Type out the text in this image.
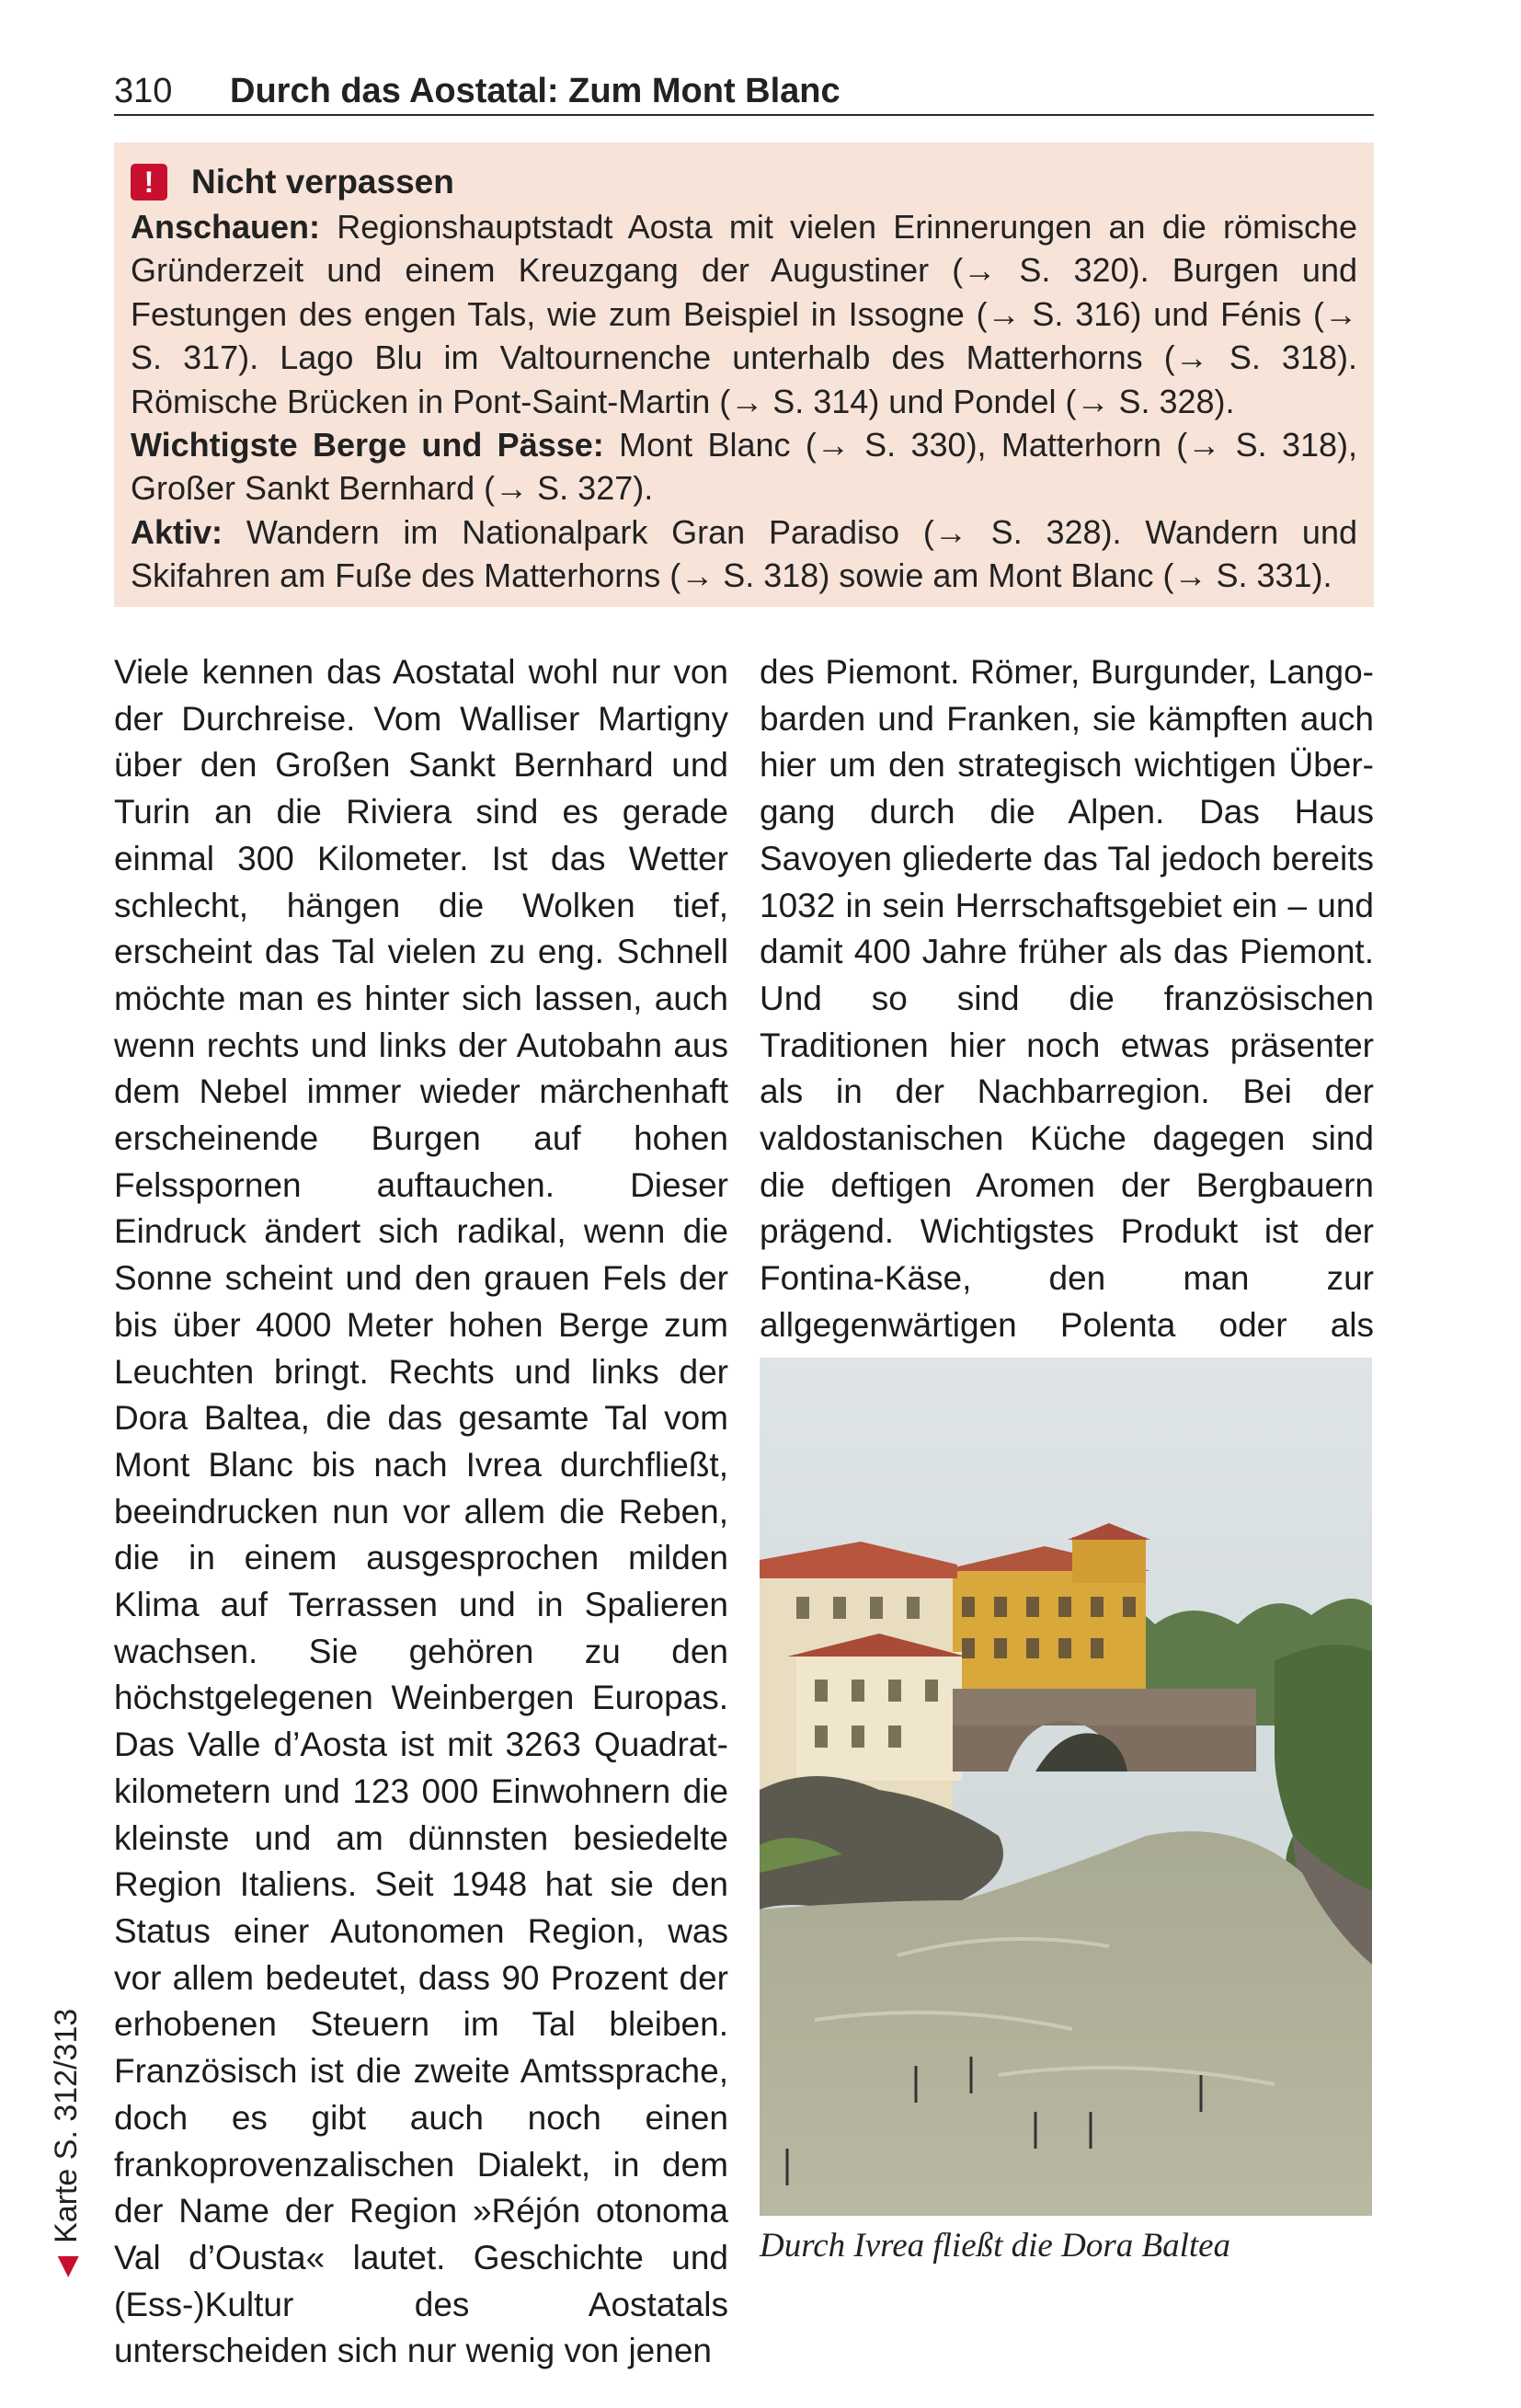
310 Durch das Aostatal: Zum Mont Blanc
!	Nicht verpassen

Anschauen: Regionshauptstadt Aosta mit vielen Erinnerungen an die römische Gründerzeit und einem Kreuzgang der Augustiner (→ S. 320). Burgen und Festungen des engen Tals, wie zum Beispiel in Issogne (→ S. 316) und Fénis (→ S. 317). Lago Blu im Valtournenche unterhalb des Matterhorns (→ S. 318). Römische Brücken in Pont-Saint-Martin (→ S. 314) und Pondel (→ S. 328).

Wichtigste Berge und Pässe: Mont Blanc (→ S. 330), Matterhorn (→ S. 318), Großer Sankt Bernhard (→ S. 327).

Aktiv: Wandern im Nationalpark Gran Paradiso (→ S. 328). Wandern und Skifahren am Fuße des Matterhorns (→ S. 318) sowie am Mont Blanc (→ S. 331).

Viele kennen das Aostatal wohl nur von der Durchreise. Vom Walliser Martigny über den Großen Sankt Bernhard und Turin an die Riviera sind es gerade einmal 300 Kilometer. Ist das Wetter schlecht, hängen die Wolken tief, erscheint das Tal vielen zu eng. Schnell möchte man es hinter sich lassen, auch wenn rechts und links der Autobahn aus dem Nebel immer wieder märchenhaft erscheinende Burgen auf hohen Felsspornen auftauchen. Dieser Eindruck ändert sich radikal, wenn die Sonne scheint und den grauen Fels der bis über 4000 Meter hohen Berge zum Leuchten bringt. Rechts und links der Dora Baltea, die das gesamte Tal vom Mont Blanc bis nach Ivrea durchfließt, beeindrucken nun vor allem die Reben, die in einem ausgesprochen milden Klima auf Terrassen und in Spalieren wachsen. Sie gehören zu den höchstgelegenen Weinbergen Europas. Das Valle d’Aosta ist mit 3263 Quadratkilometern und 123 000 Einwohnern die kleinste und am dünnsten besiedelte Region Italiens. Seit 1948 hat sie den Status einer Autonomen Region, was vor allem bedeutet, dass 90 Prozent der erhobenen Steuern im Tal bleiben. Französisch ist die zweite Amtssprache, doch es gibt auch noch einen frankoprovenzalischen Dialekt, in dem der Name der Region »Réjón otonoma Val d’Ousta« lautet. Geschichte und (Ess-)Kultur des Aostatals unterscheiden sich nur wenig von jenen

des Piemont. Römer, Burgunder, Langobarden und Franken, sie kämpften auch hier um den strategisch wichtigen Übergang durch die Alpen. Das Haus Savoyen gliederte das Tal jedoch bereits 1032 in sein Herrschaftsgebiet ein – und damit 400 Jahre früher als das Piemont. Und so sind die französischen Traditionen hier noch etwas präsenter als in der Nachbarregion. Bei der valdostanischen Küche dagegen sind die deftigen Aromen der Bergbauern prägend. Wichtigstes Produkt ist der Fontina-Käse, den man zur allgegenwärtigen Polenta oder als

Durch Ivrea fließt die Dora Baltea
◀
Karte S. 312/313
